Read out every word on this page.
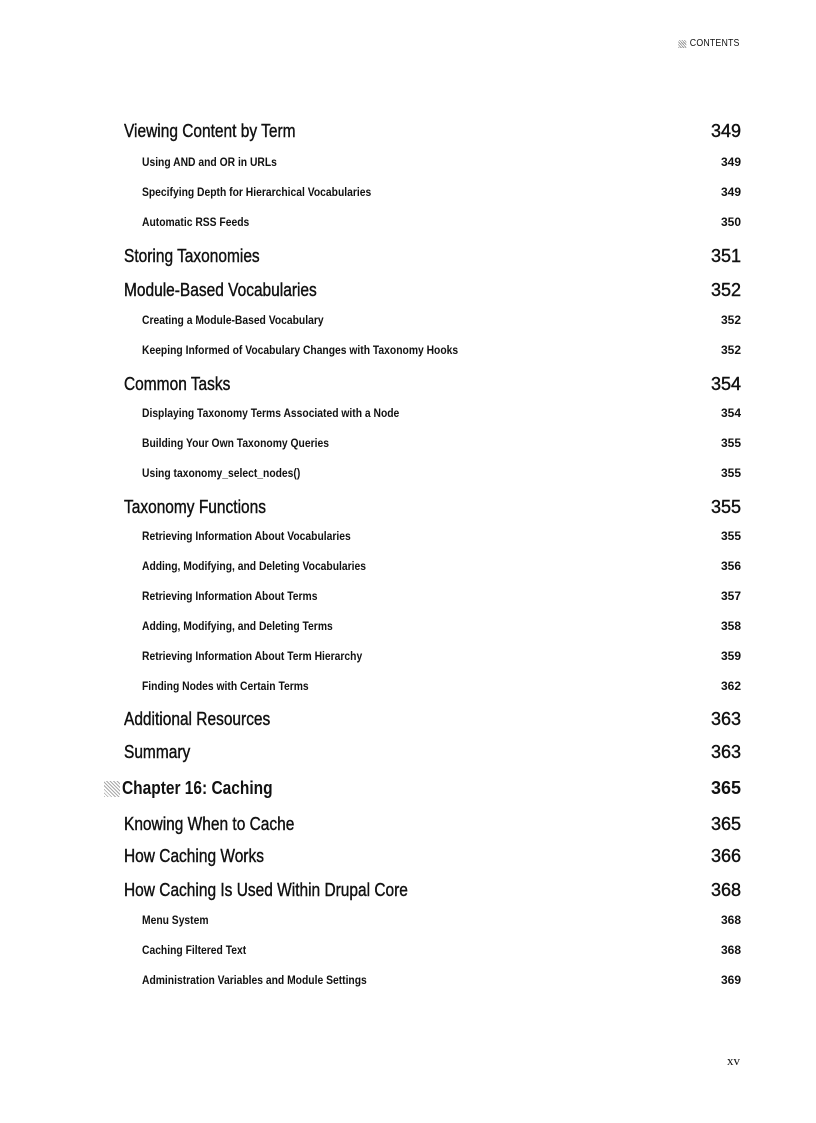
CONTENTS
Viewing Content by Term	349
Using AND and OR in URLs	349
Specifying Depth for Hierarchical Vocabularies	349
Automatic RSS Feeds	350
Storing Taxonomies	351
Module-Based Vocabularies	352
Creating a Module-Based Vocabulary	352
Keeping Informed of Vocabulary Changes with Taxonomy Hooks	352
Common Tasks	354
Displaying Taxonomy Terms Associated with a Node	354
Building Your Own Taxonomy Queries	355
Using taxonomy_select_nodes()	355
Taxonomy Functions	355
Retrieving Information About Vocabularies	355
Adding, Modifying, and Deleting Vocabularies	356
Retrieving Information About Terms	357
Adding, Modifying, and Deleting Terms	358
Retrieving Information About Term Hierarchy	359
Finding Nodes with Certain Terms	362
Additional Resources	363
Summary	363
Chapter 16: Caching	365
Knowing When to Cache	365
How Caching Works	366
How Caching Is Used Within Drupal Core	368
Menu System	368
Caching Filtered Text	368
Administration Variables and Module Settings	369
xv
